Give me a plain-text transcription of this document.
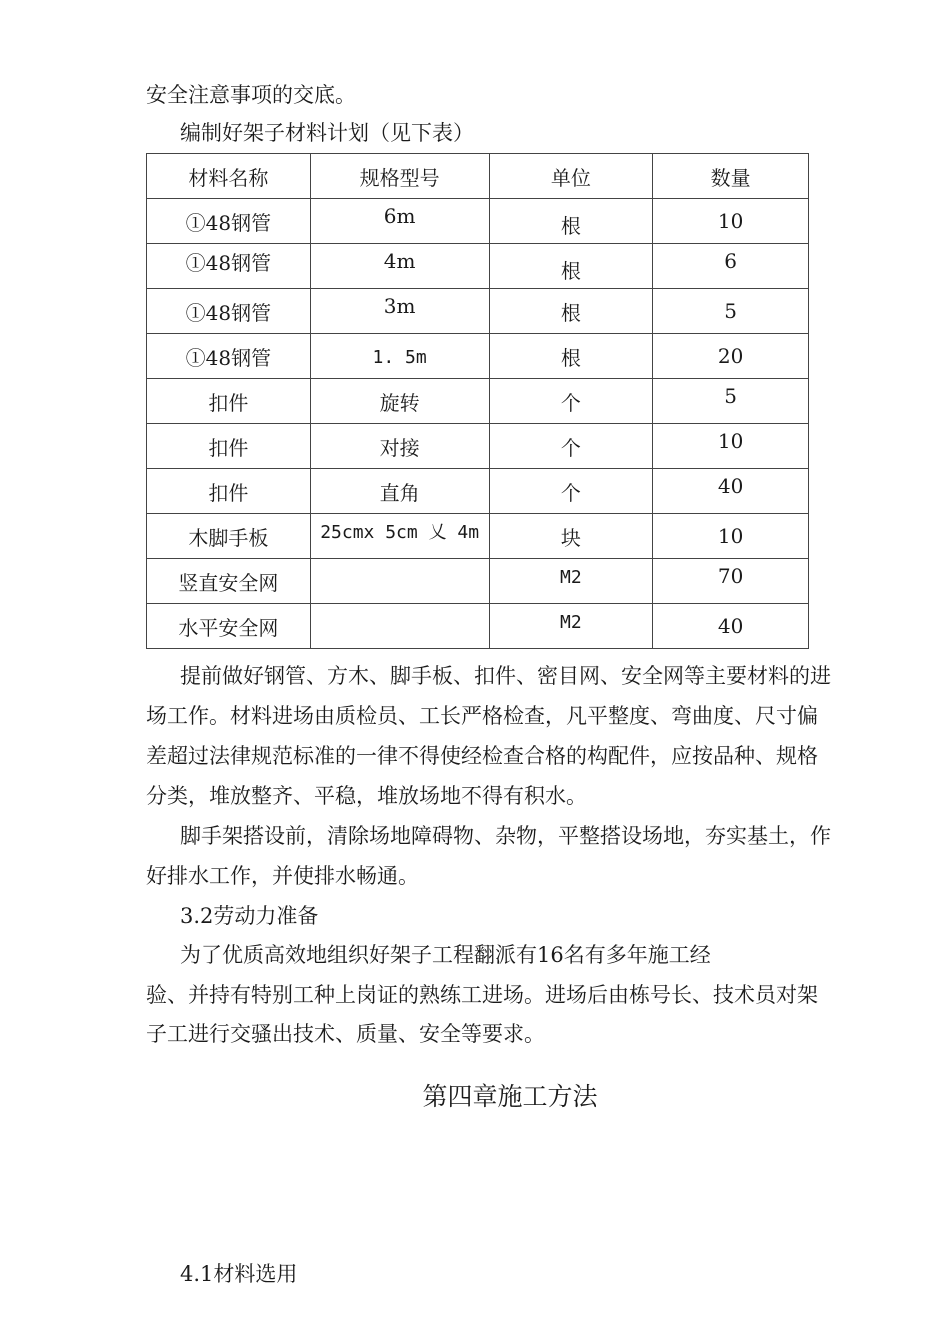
安全注意事项的交底。
编制好架子材料计划（见下表）
材料名称	规格型号	单位	数量
①48钢管	6m	根	10
①48钢管	4m	根	6
①48钢管	3m	根	5
①48钢管	1. 5m	根	20
扣件	旋转	个	5
扣件	对接	个	10
扣件	直角	个	40
木脚手板	25cmx 5cm 乂 4m	块	10
竖直安全网		M2	70
水平安全网		M2	40
提前做好钢管、方木、脚手板、扣件、密目网、安全网等主要材料的进
场工作。材料进场由质检员、工长严格检查，凡平整度、弯曲度、尺寸偏
差超过法律规范标准的一律不得使经检查合格的构配件，应按品种、规格
分类，堆放整齐、平稳，堆放场地不得有积水。
脚手架搭设前，清除场地障碍物、杂物，平整搭设场地，夯实基土，作
好排水工作，并使排水畅通。
3.2劳动力准备
为了优质高效地组织好架子工程翻派有16名有多年施工经
验、并持有特别工种上岗证的熟练工进场。进场后由栋号长、技术员对架
子工进行交骚出技术、质量、安全等要求。
第四章施工方法
4.1材料选用
